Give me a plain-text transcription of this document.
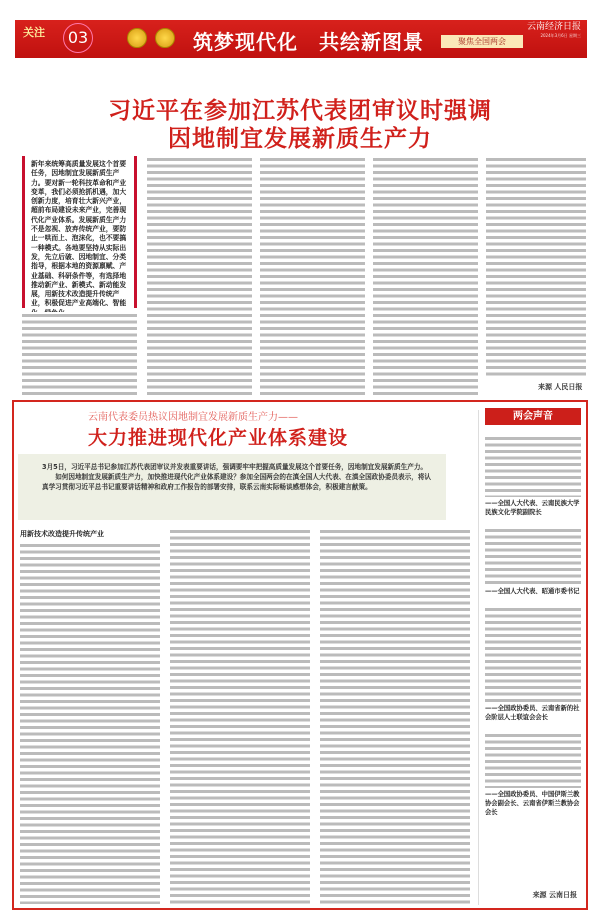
关注	03	筑梦现代化　共绘新图景	聚焦全国两会
云南经济日报
2024年3月6日 星期三
习近平在参加江苏代表团审议时强调
因地制宜发展新质生产力
新年来统筹高质量发展这个首要任务，因地制宜发展新质生产力。要对新一轮科技革命和产业变革，我们必须抢抓机遇，加大创新力度，培育壮大新兴产业，超前布局建设未来产业，完善现代化产业体系。发展新质生产力不是忽视、放弃传统产业，要防止一哄而上、泡沫化，也不要搞一种模式。各地要坚持从实际出发，先立后破、因地制宜、分类指导，根据本地的资源禀赋、产业基础、科研条件等，有选择地推动新产业、新模式、新动能发展，用新技术改造提升传统产业，积极促进产业高端化、智能
来源 人民日报
云南代表委员热议因地制宜发展新质生产力——
大力推进现代化产业体系建设

3月5日，习近平总书记参加江苏代表团审议并发表重要讲话，强调要牢牢把握高质量发展这个首要任务，因地制宜发展新质生产力。

如何因地制宜发展新质生产力，加快推进现代化产业体系建设？参加全国两会的在滇全国人大代表、在滇全国政协委员表示，将认真学习贯彻习近平总书记重要讲话精神和政府工作报告的部署安排，联系云南实际畅谈感想体会，积极建言献策。

用新技术改造提升传统产业
两会声音
——全国人大代表、云南民族大学民族文化学院副院长
——全国人大代表、昭通市委书记
——全国政协委员、云南省新的社会阶层人士联谊会会长
——全国政协委员、中国伊斯兰教协会副会长、云南省伊斯兰教协会会长
来源 云南日报
